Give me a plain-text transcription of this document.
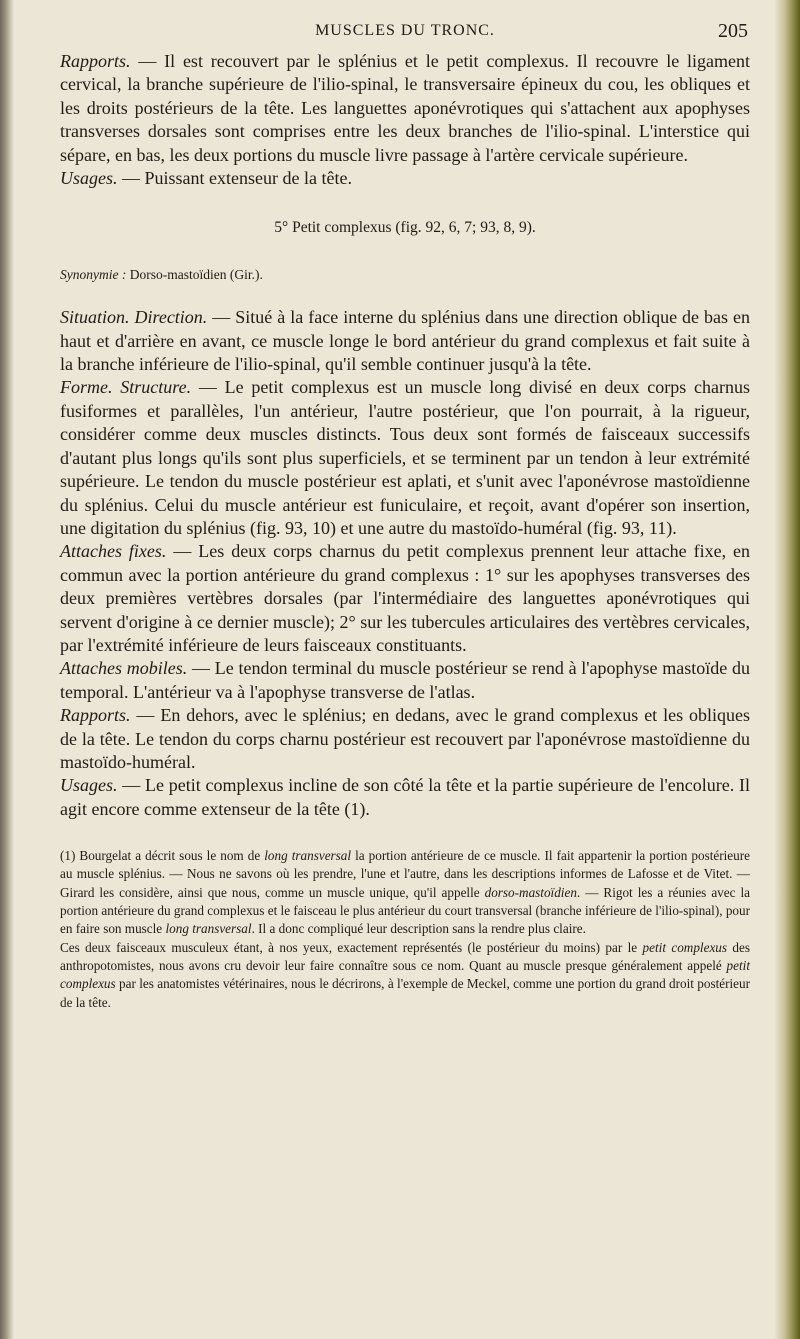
MUSCLES DU TRONC.	205

Rapports. — Il est recouvert par le splénius et le petit complexus. Il recouvre le ligament cervical, la branche supérieure de l'ilio-spinal, le transversaire épineux du cou, les obliques et les droits postérieurs de la tête. Les languettes aponévrotiques qui s'attachent aux apophyses transverses dorsales sont comprises entre les deux branches de l'ilio-spinal. L'interstice qui sépare, en bas, les deux portions du muscle livre passage à l'artère cervicale supérieure.

Usages. — Puissant extenseur de la tête.

5° Petit complexus (fig. 92, 6, 7; 93, 8, 9).
Synonymie : Dorso-mastoïdien (Gir.).

Situation. Direction. — Situé à la face interne du splénius dans une direction oblique de bas en haut et d'arrière en avant, ce muscle longe le bord antérieur du grand complexus et fait suite à la branche inférieure de l'ilio-spinal, qu'il semble continuer jusqu'à la tête.

Forme. Structure. — Le petit complexus est un muscle long divisé en deux corps charnus fusiformes et parallèles, l'un antérieur, l'autre postérieur, que l'on pourrait, à la rigueur, considérer comme deux muscles distincts. Tous deux sont formés de faisceaux successifs d'autant plus longs qu'ils sont plus superficiels, et se terminent par un tendon à leur extrémité supérieure. Le tendon du muscle postérieur est aplati, et s'unit avec l'aponévrose mastoïdienne du splénius. Celui du muscle antérieur est funiculaire, et reçoit, avant d'opérer son insertion, une digitation du splénius (fig. 93, 10) et une autre du mastoïdo-huméral (fig. 93, 11).

Attaches fixes. — Les deux corps charnus du petit complexus prennent leur attache fixe, en commun avec la portion antérieure du grand complexus : 1° sur les apophyses transverses des deux premières vertèbres dorsales (par l'intermédiaire des languettes aponévrotiques qui servent d'origine à ce dernier muscle); 2° sur les tubercules articulaires des vertèbres cervicales, par l'extrémité inférieure de leurs faisceaux constituants.

Attaches mobiles. — Le tendon terminal du muscle postérieur se rend à l'apophyse mastoïde du temporal. L'antérieur va à l'apophyse transverse de l'atlas.

Rapports. — En dehors, avec le splénius; en dedans, avec le grand complexus et les obliques de la tête. Le tendon du corps charnu postérieur est recouvert par l'aponévrose mastoïdienne du mastoïdo-huméral.

Usages. — Le petit complexus incline de son côté la tête et la partie supérieure de l'encolure. Il agit encore comme extenseur de la tête (1).

(1) Bourgelat a décrit sous le nom de long transversal la portion antérieure de ce muscle. Il fait appartenir la portion postérieure au muscle splénius. — Nous ne savons où les prendre, l'une et l'autre, dans les descriptions informes de Lafosse et de Vitet. — Girard les considère, ainsi que nous, comme un muscle unique, qu'il appelle dorso-mastoïdien. — Rigot les a réunies avec la portion antérieure du grand complexus et le faisceau le plus antérieur du court transversal (branche inférieure de l'ilio-spinal), pour en faire son muscle long transversal. Il a donc compliqué leur description sans la rendre plus claire.

Ces deux faisceaux musculeux étant, à nos yeux, exactement représentés (le postérieur du moins) par le petit complexus des anthropotomistes, nous avons cru devoir leur faire connaître sous ce nom. Quant au muscle presque généralement appelé petit complexus par les anatomistes vétérinaires, nous le décrirons, à l'exemple de Meckel, comme une portion du grand droit postérieur de la tête.
